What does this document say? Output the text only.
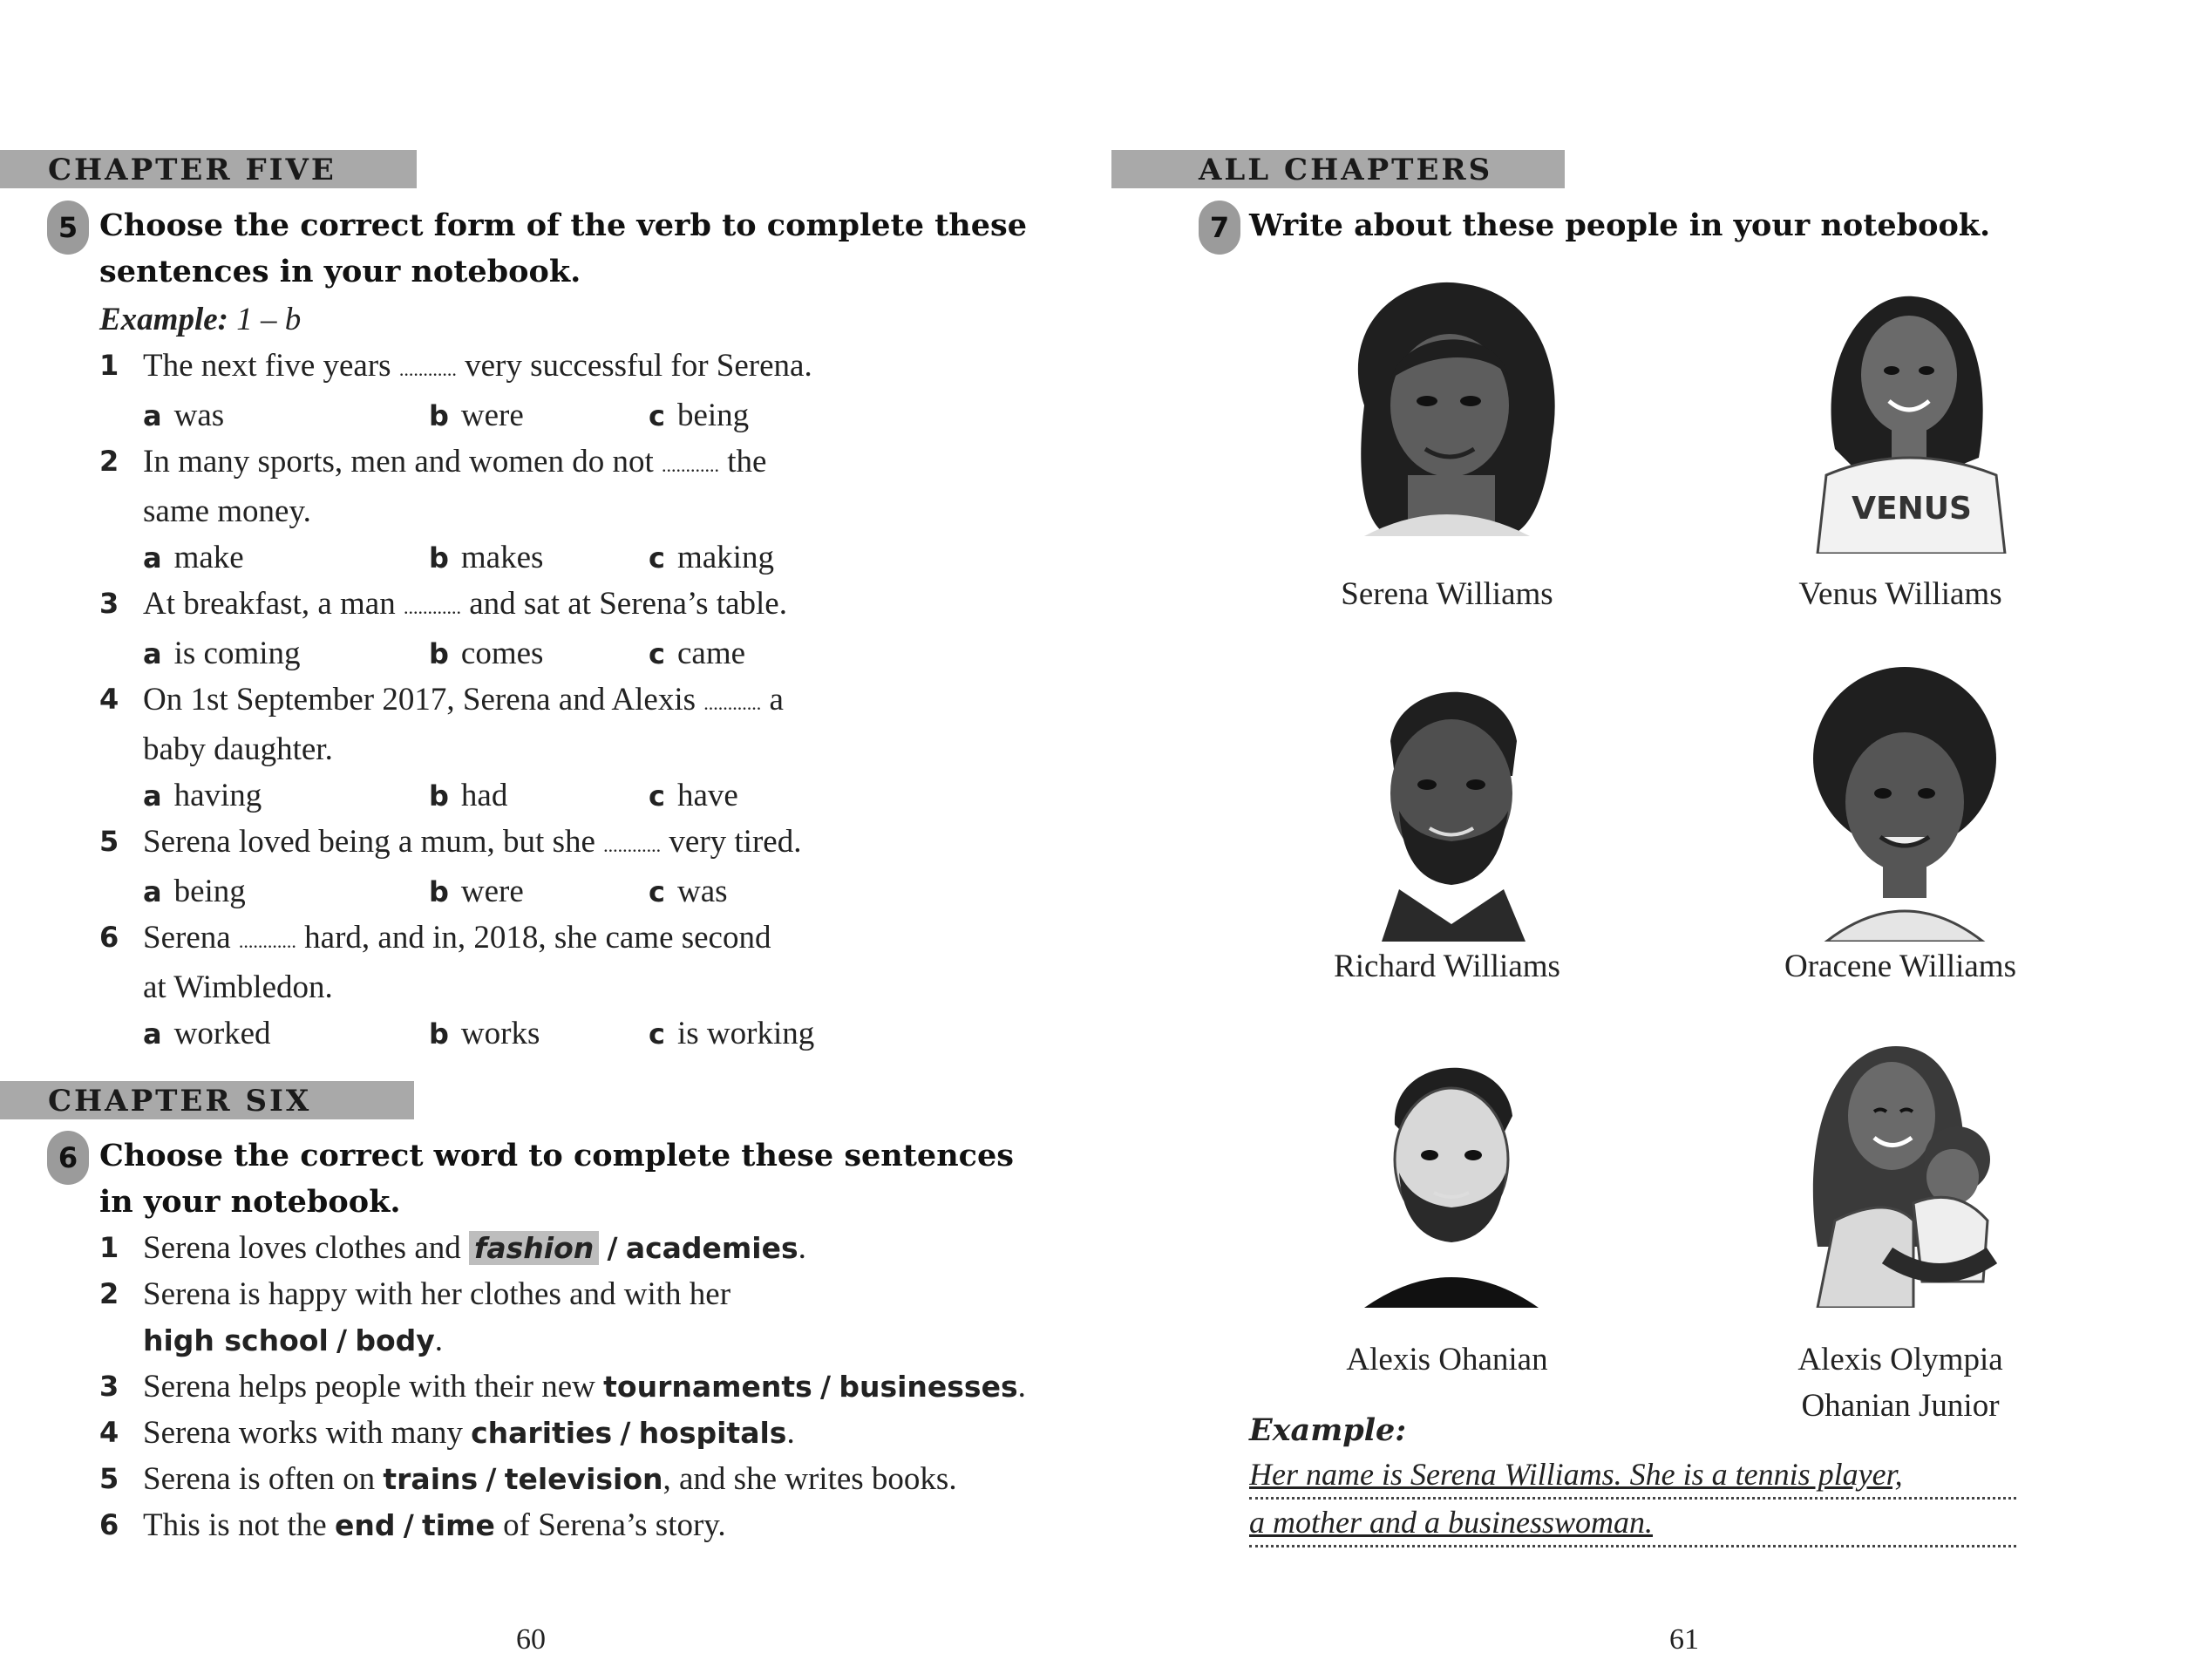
CHAPTER FIVE
5 Choose the correct form of the verb to complete these
sentences in your notebook.
Example: 1 – b
1 The next five years ............ very successful for Serena.
a was	b were	c being
2 In many sports, men and women do not ............ the
same money.
a make	b makes	c making
3 At breakfast, a man ............ and sat at Serena’s table.
a is coming	b comes	c came
4 On 1st September 2017, Serena and Alexis ............ a
baby daughter.
a having	b had	c have
5 Serena loved being a mum, but she ............ very tired.
a being	b were	c was
6 Serena ............ hard, and in, 2018, she came second
at Wimbledon.
a worked	b works	c is working
CHAPTER SIX
6 Choose the correct word to complete these sentences
in your notebook.
1 Serena loves clothes and fashion / academies.
2 Serena is happy with her clothes and with her
high school / body.
3 Serena helps people with their new tournaments / businesses.
4 Serena works with many charities / hospitals.
5 Serena is often on trains / television, and she writes books.
6 This is not the end / time of Serena’s story.
60
ALL CHAPTERS
7 Write about these people in your notebook.
Serena Williams
VENUS
Venus Williams
Richard Williams	Oracene Williams
Alexis Ohanian	Alexis Olympia
Ohanian Junior
Example:
Her name is Serena Williams. She is a tennis player,
a mother and a businesswoman.
61
